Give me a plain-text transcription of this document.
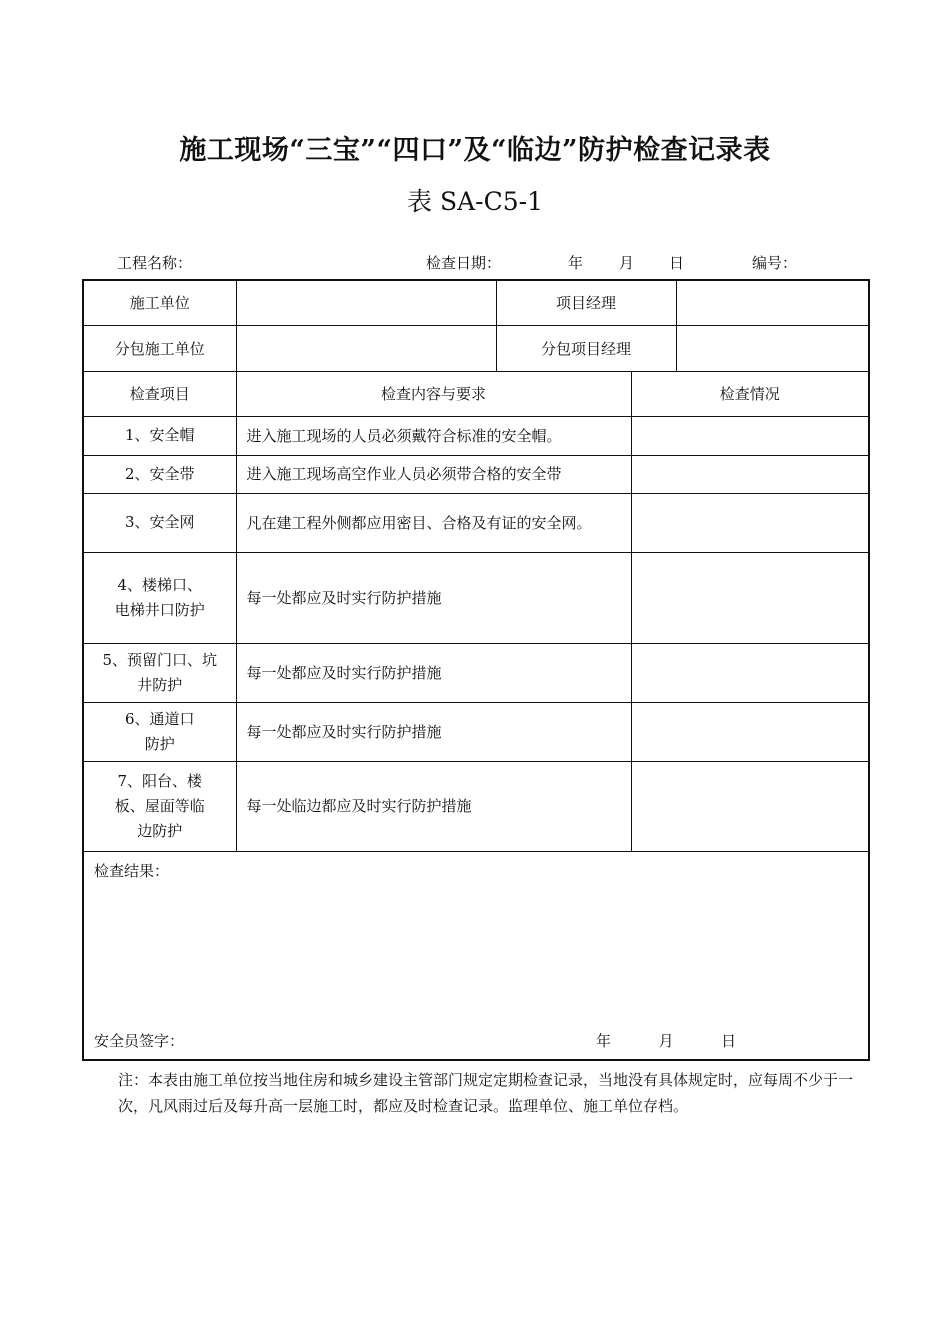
施工现场“三宝”“四口”及“临边”防护检查记录表
表 SA-C5-1
工程名称：	检查日期：	年 月 日	编号：
施工单位		项目经理		
分包施工单位		分包项目经理		
检查项目	检查内容与要求		检查情况	
1、安全帽	进入施工现场的人员必须戴符合标准的安全帽。			
2、安全带	进入施工现场高空作业人员必须带合格的安全带			
3、安全网	凡在建工程外侧都应用密目、合格及有证的安全网。			
4、楼梯口、电梯井口防护	每一处都应及时实行防护措施			
5、预留门口、坑井防护	每一处都应及时实行防护措施			
6、通道口防护	每一处都应及时实行防护措施			
7、阳台、楼板、屋面等临边防护	每一处临边都应及时实行防护措施			

检查结果：
安全员签字： 年 月 日				
注：本表由施工单位按当地住房和城乡建设主管部门规定定期检查记录，当地没有具体规定时，应每周不少于一次，凡风雨过后及每升高一层施工时，都应及时检查记录。监理单位、施工单位存档。
